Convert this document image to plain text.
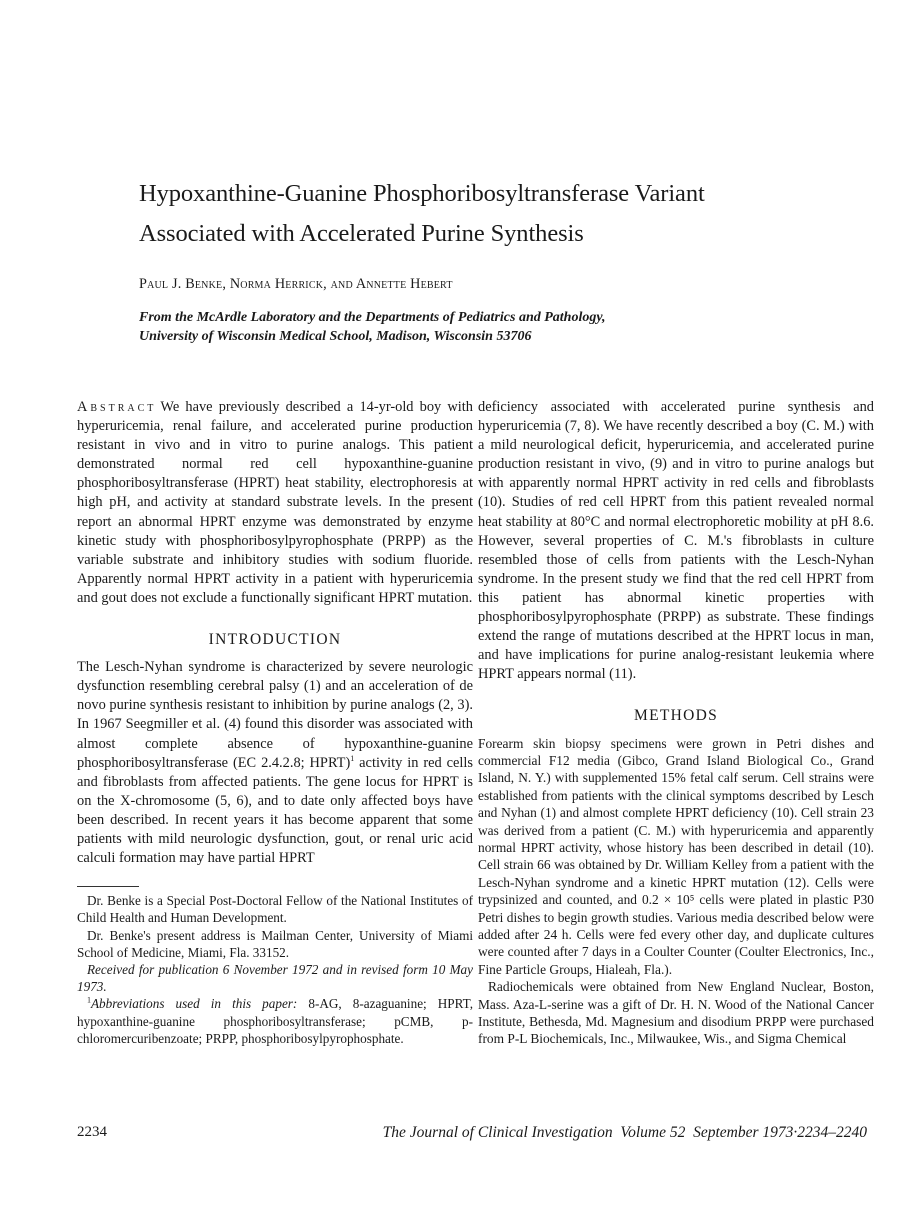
Hypoxanthine-Guanine Phosphoribosyltransferase Variant
Associated with Accelerated Purine Synthesis
Paul J. Benke, Norma Herrick, and Annette Hebert
From the McArdle Laboratory and the Departments of Pediatrics and Pathology,
University of Wisconsin Medical School, Madison, Wisconsin 53706

Abstract We have previously described a 14-yr-old boy with hyperuricemia, renal failure, and accelerated purine production resistant in vivo and in vitro to purine analogs. This patient demonstrated normal red cell hypoxanthine-guanine phosphoribosyltransferase (HPRT) heat stability, electrophoresis at high pH, and activity at standard substrate levels. In the present report an abnormal HPRT enzyme was demonstrated by enzyme kinetic study with phosphoribosylpyrophosphate (PRPP) as the variable substrate and inhibitory studies with sodium fluoride. Apparently normal HPRT activity in a patient with hyperuricemia and gout does not exclude a functionally significant HPRT mutation.

INTRODUCTION

The Lesch-Nyhan syndrome is characterized by severe neurologic dysfunction resembling cerebral palsy (1) and an acceleration of de novo purine synthesis resistant to inhibition by purine analogs (2, 3). In 1967 Seegmiller et al. (4) found this disorder was associated with almost complete absence of hypoxanthine-guanine phosphoribosyltransferase (EC 2.4.2.8; HPRT)$^1$ activity in red cells and fibroblasts from affected patients. The gene locus for HPRT is on the X-chromosome (5, 6), and to date only affected boys have been described. In recent years it has become apparent that some patients with mild neurologic dysfunction, gout, or renal uric acid calculi formation may have partial HPRT

Dr. Benke is a Special Post-Doctoral Fellow of the National Institutes of Child Health and Human Development.

Dr. Benke's present address is Mailman Center, University of Miami School of Medicine, Miami, Fla. 33152.

Received for publication 6 November 1972 and in revised form 10 May 1973.

$^1$Abbreviations used in this paper: 8-AG, 8-azaguanine; HPRT, hypoxanthine-guanine phosphoribosyltransferase; pCMB, p-chloromercuribenzoate; PRPP, phosphoribosylpyrophosphate.

deficiency associated with accelerated purine synthesis and hyperuricemia (7, 8). We have recently described a boy (C. M.) with a mild neurological deficit, hyperuricemia, and accelerated purine production resistant in vivo, (9) and in vitro to purine analogs but with apparently normal HPRT activity in red cells and fibroblasts (10). Studies of red cell HPRT from this patient revealed normal heat stability at 80°C and normal electrophoretic mobility at pH 8.6. However, several properties of C. M.'s fibroblasts in culture resembled those of cells from patients with the Lesch-Nyhan syndrome. In the present study we find that the red cell HPRT from this patient has abnormal kinetic properties with phosphoribosylpyrophosphate (PRPP) as substrate. These findings extend the range of mutations described at the HPRT locus in man, and have implications for purine analog-resistant leukemia where HPRT appears normal (11).

METHODS

Forearm skin biopsy specimens were grown in Petri dishes and commercial F12 media (Gibco, Grand Island Biological Co., Grand Island, N. Y.) with supplemented 15% fetal calf serum. Cell strains were established from patients with the clinical symptoms described by Lesch and Nyhan (1) and almost complete HPRT deficiency (10). Cell strain 23 was derived from a patient (C. M.) with hyperuricemia and apparently normal HPRT activity, whose history has been described in detail (10). Cell strain 66 was obtained by Dr. William Kelley from a patient with the Lesch-Nyhan syndrome and a kinetic HPRT mutation (12). Cells were trypsinized and counted, and 0.2 × 10⁵ cells were plated in plastic P30 Petri dishes to begin growth studies. Various media described below were added after 24 h. Cells were fed every other day, and duplicate cultures were counted after 7 days in a Coulter Counter (Coulter Electronics, Inc., Fine Particle Groups, Hialeah, Fla.).

Radiochemicals were obtained from New England Nuclear, Boston, Mass. Aza-L-serine was a gift of Dr. H. N. Wood of the National Cancer Institute, Bethesda, Md. Magnesium and disodium PRPP were purchased from P-L Biochemicals, Inc., Milwaukee, Wis., and Sigma Chemical

2234	The Journal of Clinical Investigation  Volume 52  September 1973·2234–2240
